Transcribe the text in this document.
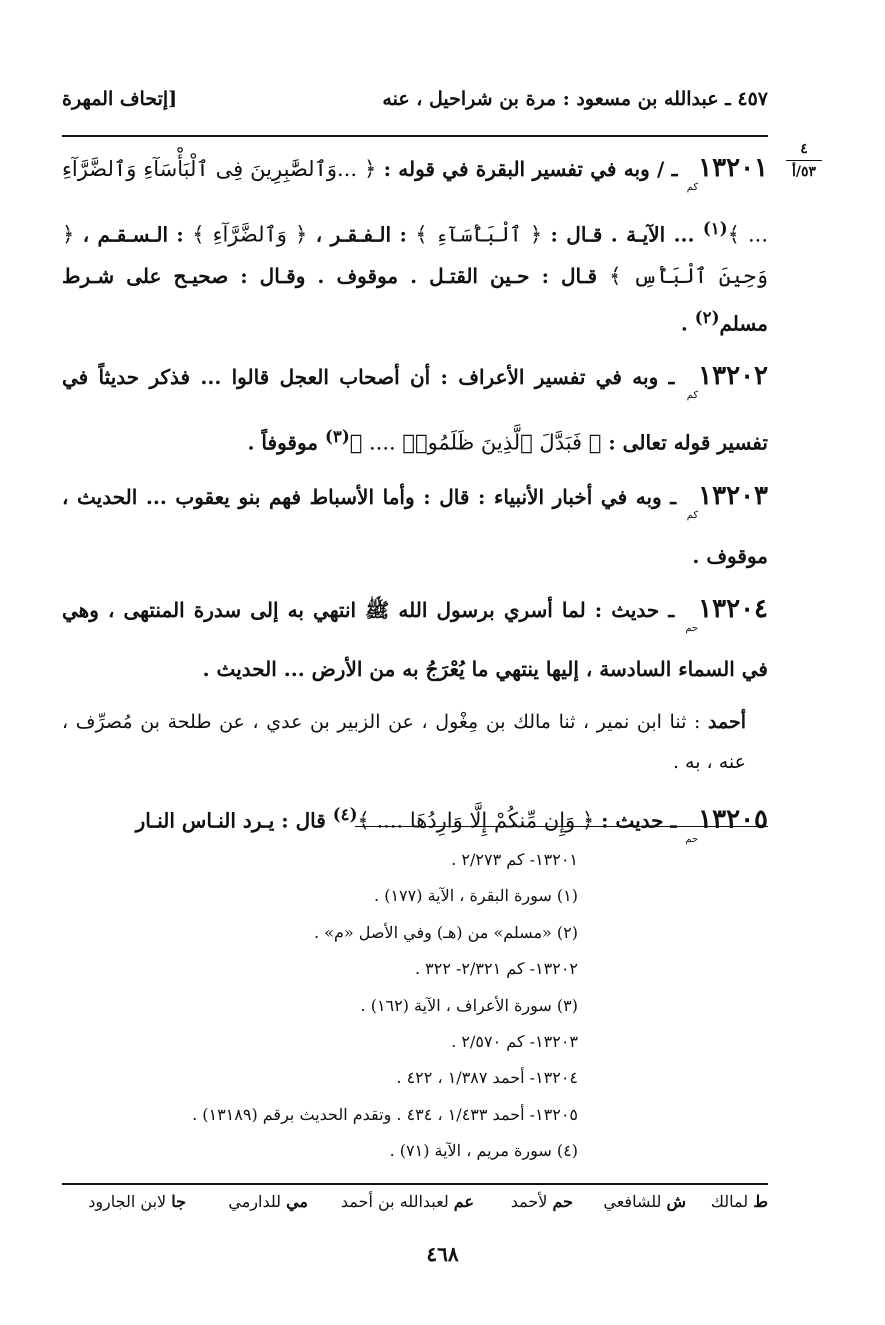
٤٥٧ ـ عبدالله بن مسعود : مرة بن شراحيل ، عنه
[إتحاف المهرة
٤
٥٣/أ

١٣٢٠١كم ـ / وبه في تفسير البقرة في قوله : ﴿ ...وَٱلصَّٰبِرِينَ فِى ٱلْبَأْسَآءِ وَٱلضَّرَّآءِ ... ﴾$^{(١)}$ ... الآيـة . قـال : ﴿ ٱلْبَأْسَآءِ ﴾ : الـفـقـر ، ﴿ وَٱلضَّرَّآءِ ﴾ : الـسـقـم ، ﴿ وَحِينَ ٱلْبَأْسِ ﴾ قـال : حـين القتـل . موقوف . وقـال : صحيـح على شـرط مسلم$^{(٢)}$ .

١٣٢٠٢كم ـ وبه في تفسير الأعراف : أن أصحاب العجل قالوا ... فذكر حديثاً في تفسير قوله تعالى : ﴿ فَبَدَّلَ ٱلَّذِينَ ظَلَمُوا۟ .... ﴾$^{(٣)}$ موقوفاً .

١٣٢٠٣كم ـ وبه في أخبار الأنبياء : قال : وأما الأسباط فهم بنو يعقوب ... الحديث ، موقوف .

١٣٢٠٤حم ـ حديث : لما أسري برسول الله ﷺ انتهي به إلى سدرة المنتهى ، وهي في السماء السادسة ، إليها ينتهي ما يُعْرَجُ به من الأرض ... الحديث .

أحمد : ثنا ابن نمير ، ثنا مالك بن مِغْول ، عن الزبير بن عدي ، عن طلحة بن مُصرِّف ، عنه ، به .

١٣٢٠٥حم ـ حديث : ﴿ وَإِن مِّنكُمْ إِلَّا وَارِدُهَا .... ﴾$^{(٤)}$ قال : يـرد النـاس النـار

١٣٢٠١- كم ٢/٢٧٣ .
(١) سورة البقرة ، الآية (١٧٧) .
(٢) «مسلم» من (هـ) وفي الأصل «م» .
١٣٢٠٢- كم ٢/٣٢١- ٣٢٢ .
(٣) سورة الأعراف ، الآية (١٦٢) .
١٣٢٠٣- كم ٢/٥٧٠ .
١٣٢٠٤- أحمد ١/٣٨٧ ، ٤٢٢ .
١٣٢٠٥- أحمد ١/٤٣٣ ، ٤٣٤ . وتقدم الحديث برقم (١٣١٨٩) .
(٤) سورة مريم ، الآية (٧١) .
ط لمالك
ش للشافعي
حم لأحمد
عم لعبدالله بن أحمد
مي للدارمي
جا لابن الجارود
٤٦٨
